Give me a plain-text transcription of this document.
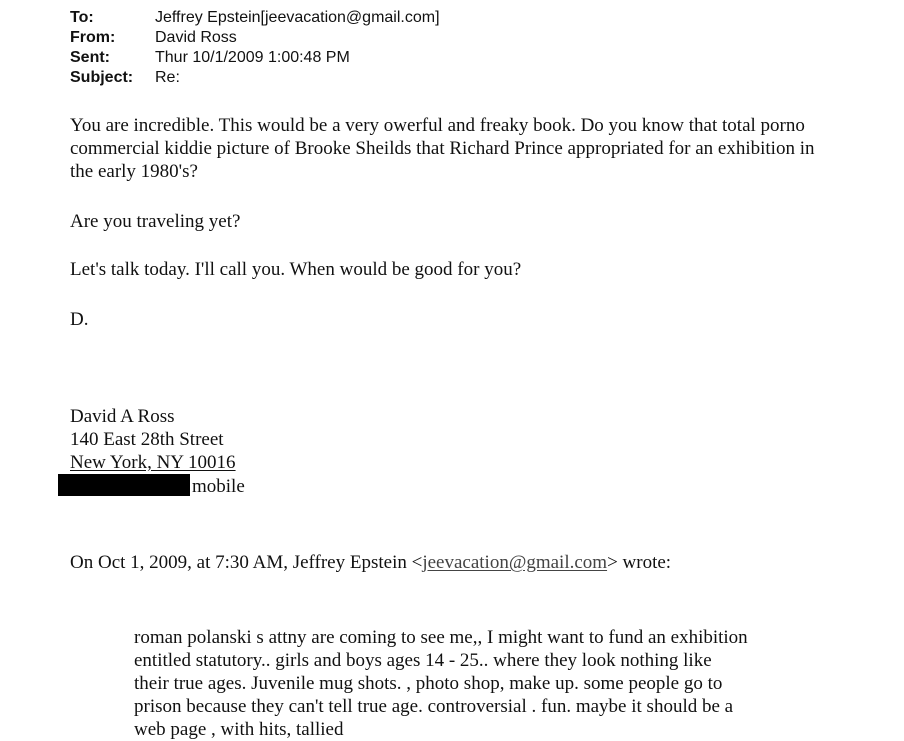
To:	Jeffrey Epstein[jeevacation@gmail.com]
From:	David Ross
Sent:	Thur 10/1/2009 1:00:48 PM
Subject:	Re:
You are incredible. This would be a very owerful and freaky book. Do you know that total porno
commercial kiddie picture of Brooke Sheilds that Richard Prince appropriated for an exhibition in
the early 1980's?
Are you traveling yet?
Let's talk today. I'll call you. When would be good for you?
D.
David A Ross
140 East 28th Street
New York, NY 10016
mobile
On Oct 1, 2009, at 7:30 AM, Jeffrey Epstein <jeevacation@gmail.com> wrote:
roman polanski s attny are coming to see me,, I might want to fund an exhibition
entitled statutory.. girls and boys ages 14 - 25.. where they look nothing like
their true ages. Juvenile mug shots. , photo shop, make up. some people go to
prison because they can't tell true age. controversial . fun. maybe it should be a
web page , with hits, tallied
